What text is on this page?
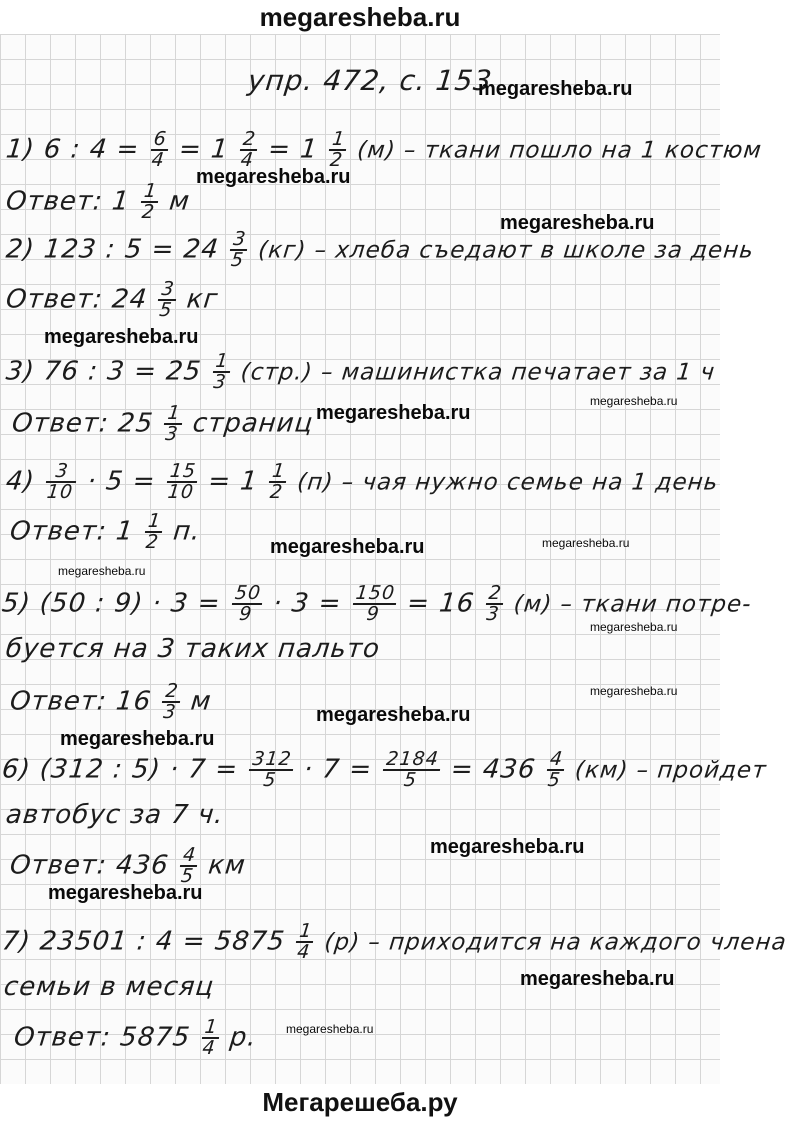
megaresheba.ru
упр. 472, с. 153
1) 6 : $4 = \frac{6}{4} = 1 \frac{2}{4} = 1 \frac{1}{2} (м)$ – ткани пошло на 1 костюм
Ответ: $1 \frac{1}{2}$ м
2) 123 : $5 = 24 \frac{3}{5} (кг)$ – хлеба съедают в школе за день
Ответ: $24 \frac{3}{5}$ кг
3) 76 : $3 = 25 \frac{1}{3} (стр.)$ – машинистка печатает за 1 ч
Ответ: $25 \frac{1}{3}$ страниц
$4) \frac{3}{10} \cdot 5 = \frac{15}{10} = 1 \frac{1}{2} (п)$ – чая нужно семье на 1 день
Ответ: $1 \frac{1}{2} п$.
5) (50 : $9) \cdot 3 = \frac{50}{9} \cdot 3 = \frac{150}{9} = 16 \frac{2}{3} (м)$ – ткани потре-
буется на 3 таких пальто
Ответ: $16 \frac{2}{3}$ м
6) (312 : $5) \cdot 7 = \frac{312}{5} \cdot 7 = \frac{2184}{5} = 436 \frac{4}{5} (км)$ – пройдет
автобус за 7 ч.
Ответ: $436 \frac{4}{5}$ км
7) 23501 : $4 = 5875 \frac{1}{4} (р)$ – приходится на каждого члена
семьи в месяц
Ответ: $5875 \frac{1}{4} р$.
megaresheba.ru
megaresheba.ru
megaresheba.ru
megaresheba.ru
megaresheba.ru
megaresheba.ru
megaresheba.ru	megaresheba.ru
megaresheba.ru
megaresheba.ru
megaresheba.ru
megaresheba.ru
megaresheba.ru
megaresheba.ru
megaresheba.ru
megaresheba.ru
megaresheba.ru
Мегарешеба.ру
